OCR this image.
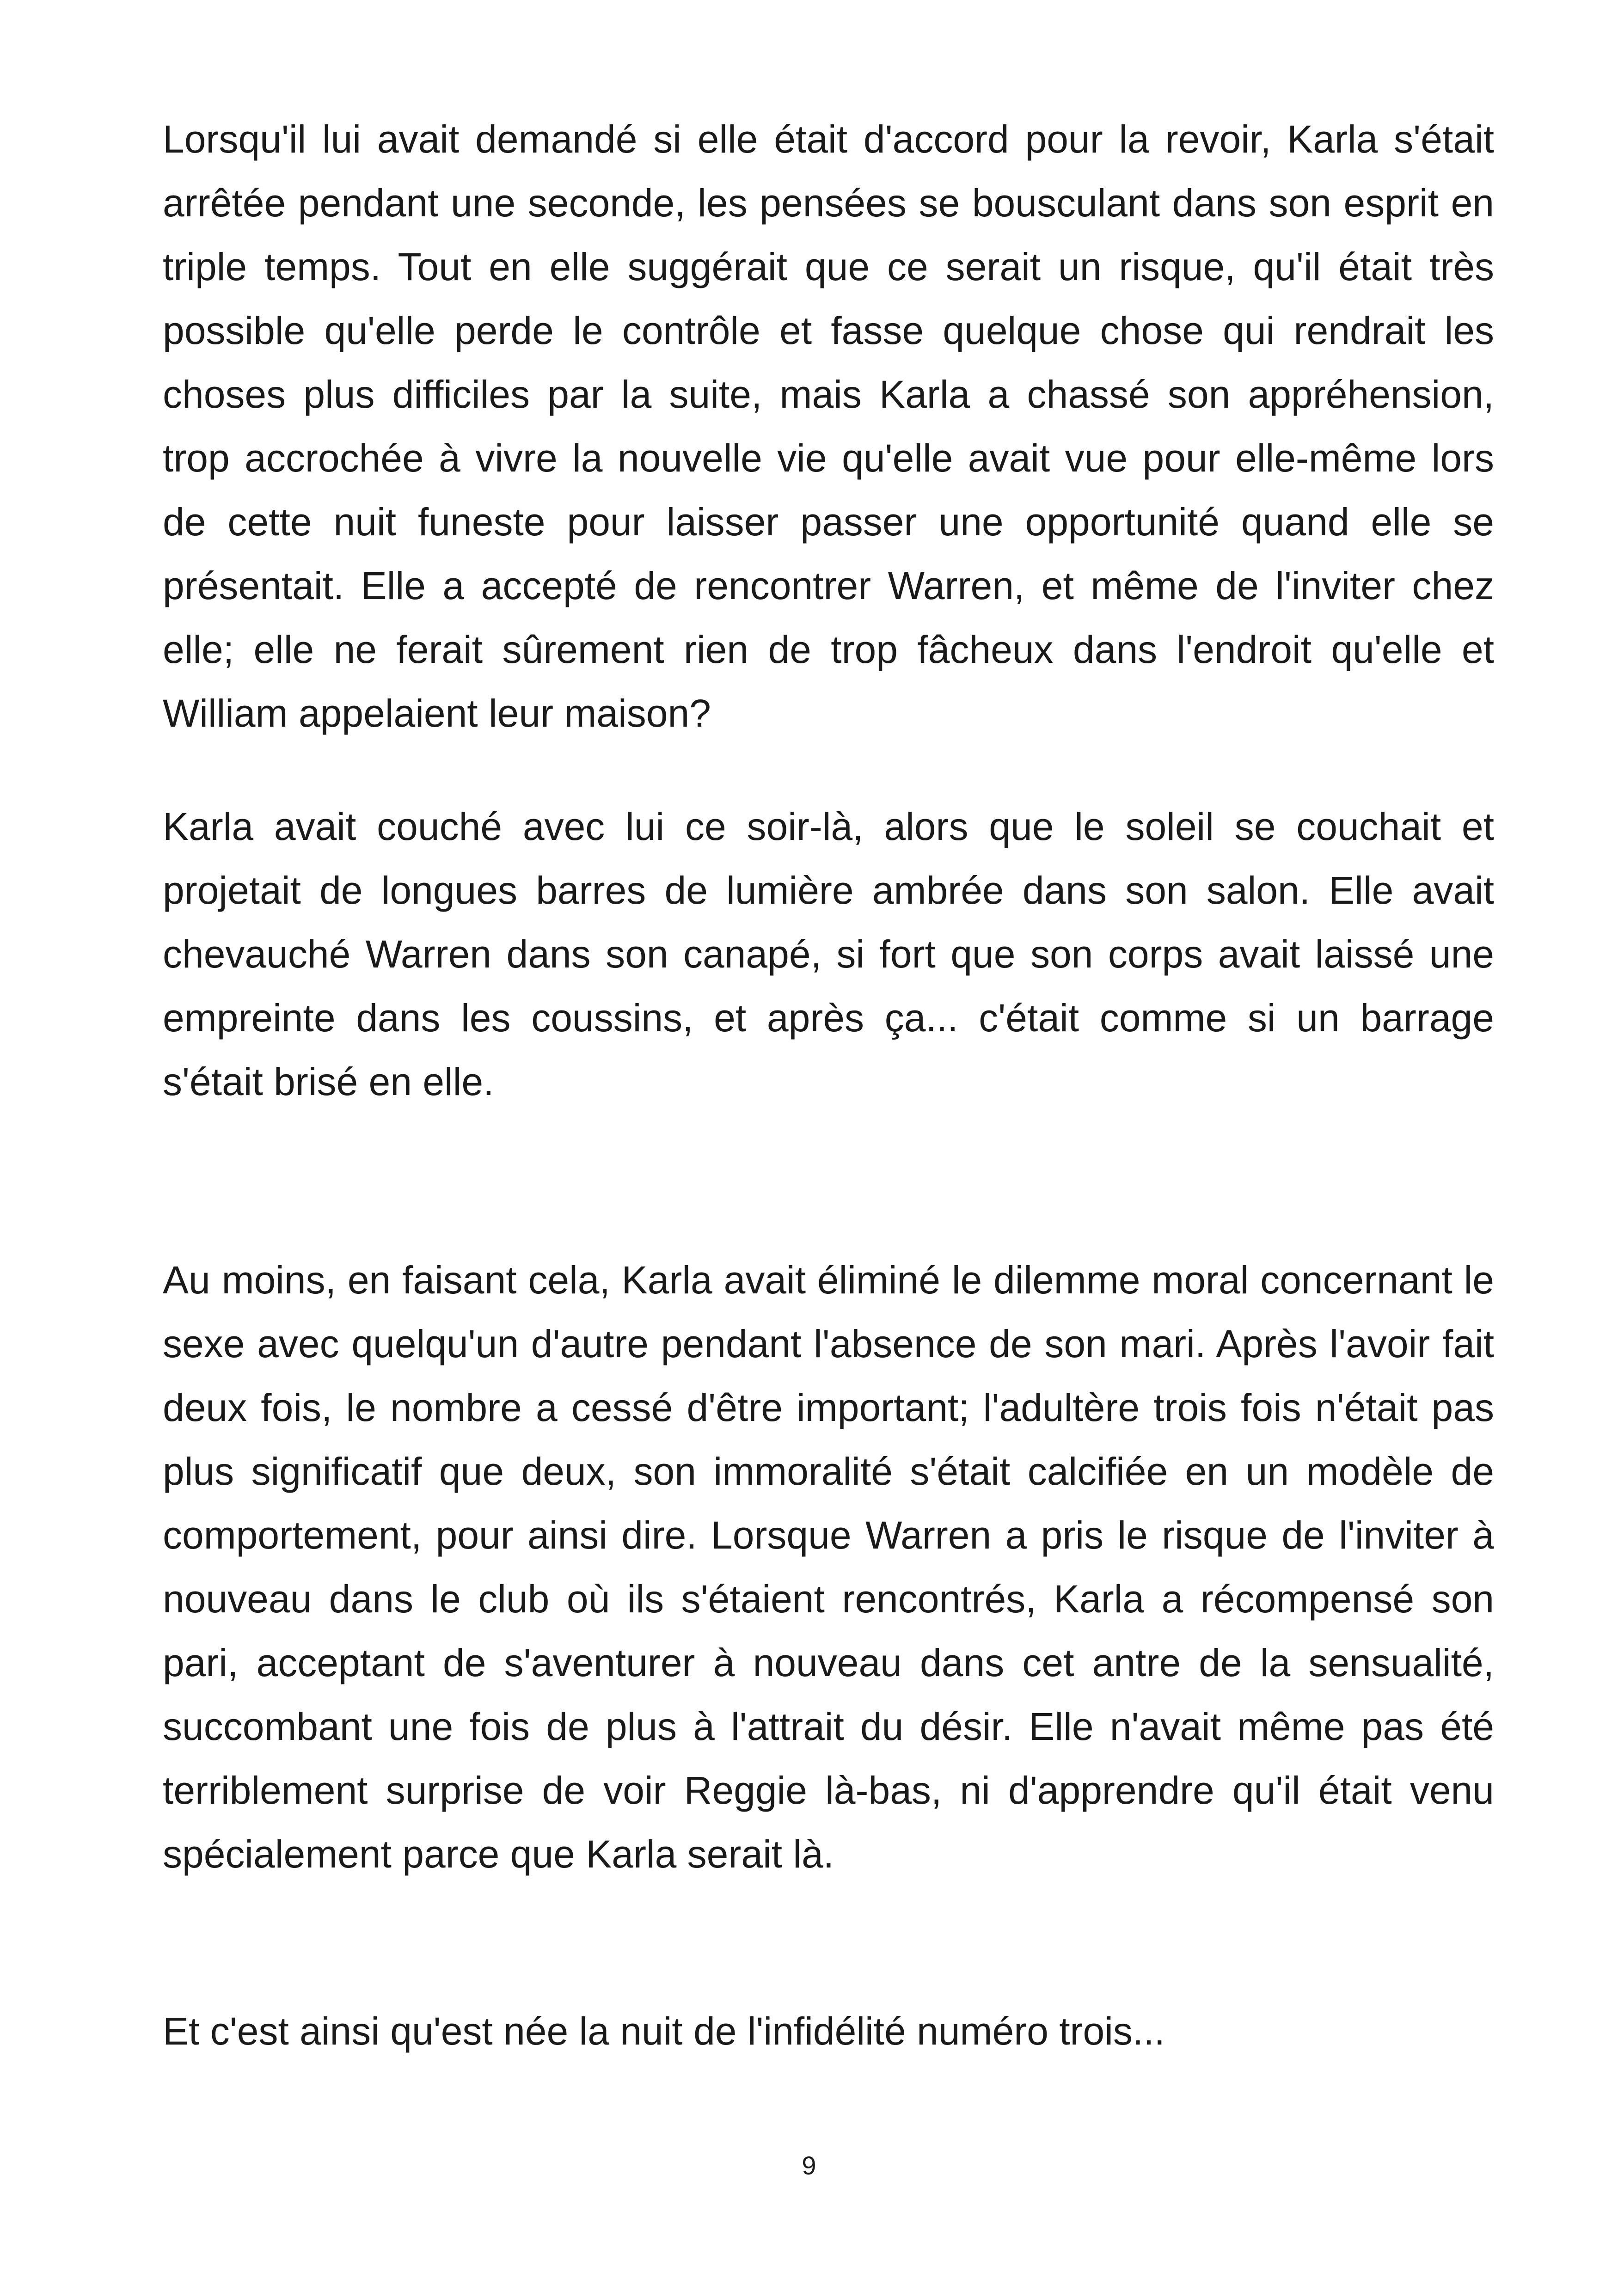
Lorsqu'il lui avait demandé si elle était d'accord pour la revoir, Karla s'était arrêtée pendant une seconde, les pensées se bousculant dans son esprit en triple temps. Tout en elle suggérait que ce serait un risque, qu'il était très possible qu'elle perde le contrôle et fasse quelque chose qui rendrait les choses plus difficiles par la suite, mais Karla a chassé son appréhension, trop accrochée à vivre la nouvelle vie qu'elle avait vue pour elle-même lors de cette nuit funeste pour laisser passer une opportunité quand elle se présentait. Elle a accepté de rencontrer Warren, et même de l'inviter chez elle; elle ne ferait sûrement rien de trop fâcheux dans l'endroit qu'elle et William appelaient leur maison?

Karla avait couché avec lui ce soir-là, alors que le soleil se couchait et projetait de longues barres de lumière ambrée dans son salon. Elle avait chevauché Warren dans son canapé, si fort que son corps avait laissé une empreinte dans les coussins, et après ça... c'était comme si un barrage s'était brisé en elle.

Au moins, en faisant cela, Karla avait éliminé le dilemme moral concernant le sexe avec quelqu'un d'autre pendant l'absence de son mari. Après l'avoir fait deux fois, le nombre a cessé d'être important; l'adultère trois fois n'était pas plus significatif que deux, son immoralité s'était calcifiée en un modèle de comportement, pour ainsi dire. Lorsque Warren a pris le risque de l'inviter à nouveau dans le club où ils s'étaient rencontrés, Karla a récompensé son pari, acceptant de s'aventurer à nouveau dans cet antre de la sensualité, succombant une fois de plus à l'attrait du désir. Elle n'avait même pas été terriblement surprise de voir Reggie là-bas, ni d'apprendre qu'il était venu spécialement parce que Karla serait là.

Et c'est ainsi qu'est née la nuit de l'infidélité numéro trois...

9
